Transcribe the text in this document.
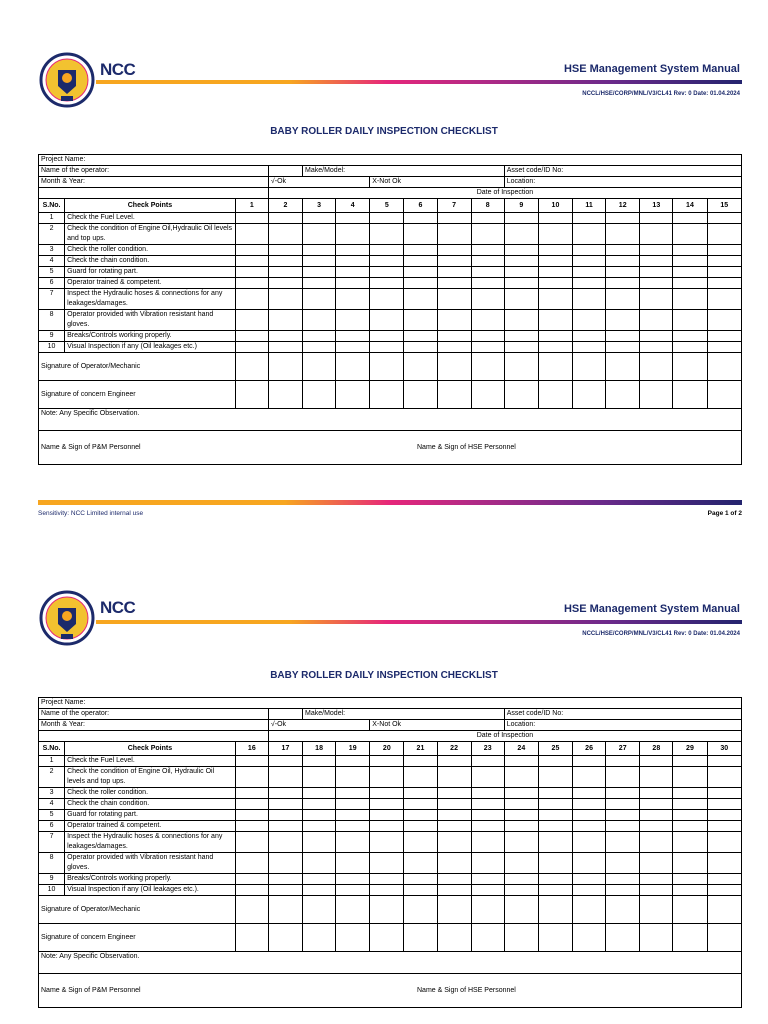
NCC	HSE Management System Manual
NCCL/HSE/CORP/MNL/V3/CL41 Rev: 0 Date: 01.04.2024
BABY ROLLER DAILY INSPECTION CHECKLIST
Project Name:																
Name of the operator:				Make/Model:						Asset code/ID No:						
Month & Year:			√-Ok			X-Not Ok				Location:						
			Date of Inspection													
S.No.	Check Points	1	2	3	4	5	6	7	8	9	10	11	12	13	14	15
1	Check the Fuel Level.															
2	Check the condition of Engine Oil,Hydraulic Oil levels and top ups.															
3	Check the roller condition.															
4	Check the chain condition.															
5	Guard for rotating part.															
6	Operator trained & competent.															
7	Inspect the Hydraulic hoses & connections for any leakages/damages.															
8	Operator provided with Vibration resistant hand gloves.															
9	Breaks/Controls working properly.															
10	Visual Inspection if any (Oil leakages etc.)															
Signature of Operator/Mechanic																
Signature of concern Engineer																
Note: Any Specific Observation.																
Name & Sign of P&M Personnel Name & Sign of HSE Personnel																
Sensitivity: NCC Limited internal use	Page 1 of 2
NCC	HSE Management System Manual
NCCL/HSE/CORP/MNL/V3/CL41 Rev: 0 Date: 01.04.2024
BABY ROLLER DAILY INSPECTION CHECKLIST
Project Name:																
Name of the operator:				Make/Model:						Asset code/ID No:						
Month & Year:			√-Ok			X-Not Ok				Location:						
			Date of Inspection													
S.No.	Check Points	16	17	18	19	20	21	22	23	24	25	26	27	28	29	30
1	Check the Fuel Level.															
2	Check the condition of Engine Oil, Hydraulic Oil levels and top ups.															
3	Check the roller condition.															
4	Check the chain condition.															
5	Guard for rotating part.															
6	Operator trained & competent.															
7	Inspect the Hydraulic hoses & connections for any leakages/damages.															
8	Operator provided with Vibration resistant hand gloves.															
9	Breaks/Controls working properly.															
10	Visual Inspection if any (Oil leakages etc.).															
Signature of Operator/Mechanic																
Signature of concern Engineer																
Note: Any Specific Observation.																
Name & Sign of P&M Personnel Name & Sign of HSE Personnel																
